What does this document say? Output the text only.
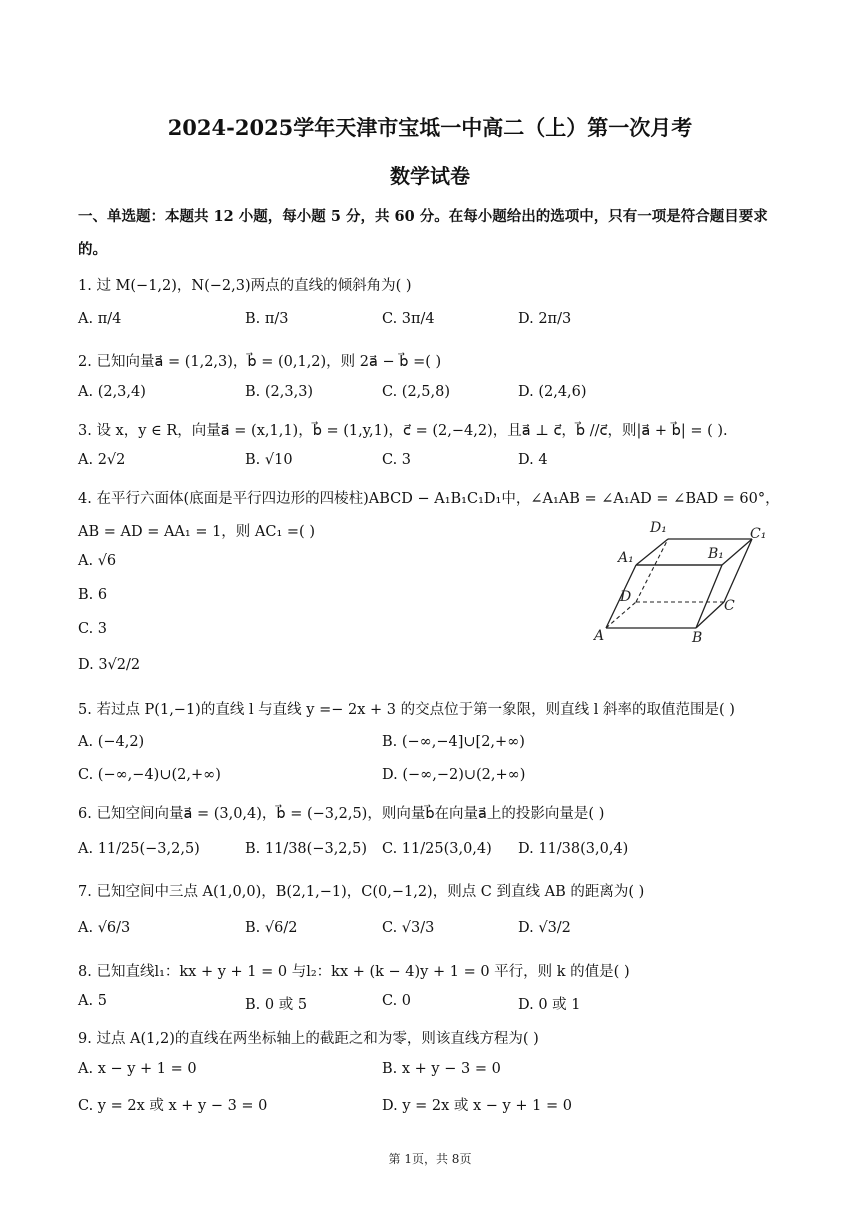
2024-2025学年天津市宝坻一中高二（上）第一次月考
数学试卷
一、单选题：本题共 12 小题，每小题 5 分，共 60 分。在每小题给出的选项中，只有一项是符合题目要求
的。
1. 过 M(−1,2)，N(−2,3)两点的直线的倾斜角为( )
A. π/4	B. π/3	C. 3π/4	D. 2π/3
2. 已知向量a⃗ = (1,2,3)，b⃗ = (0,1,2)，则 2a⃗ − b⃗ =( )
A. (2,3,4)	B. (2,3,3)	C. (2,5,8)	D. (2,4,6)
3. 设 x，y ∈ R，向量a⃗ = (x,1,1)，b⃗ = (1,y,1)，c⃗ = (2,−4,2)，且a⃗ ⊥ c⃗，b⃗ //c⃗，则|a⃗ + b⃗| = ( ).
A. 2√2	B. √10	C. 3	D. 4
4. 在平行六面体(底面是平行四边形的四棱柱)ABCD − A₁B₁C₁D₁中，∠A₁AB = ∠A₁AD = ∠BAD = 60°，
AB = AD = AA₁ = 1，则 AC₁ =( )
A. √6
B. 6
C. 3
D. 3√2/2
D₁	C₁
A₁	B₁
D
C
A	B
5. 若过点 P(1,−1)的直线 l 与直线 y =− 2x + 3 的交点位于第一象限，则直线 l 斜率的取值范围是( )
A. (−4,2)	B. (−∞,−4]∪[2,+∞)
C. (−∞,−4)∪(2,+∞)	D. (−∞,−2)∪(2,+∞)
6. 已知空间向量a⃗ = (3,0,4)，b⃗ = (−3,2,5)，则向量b⃗在向量a⃗上的投影向量是( )
A. 11/25(−3,2,5)	B. 11/38(−3,2,5) C. 11/25(3,0,4) D. 11/38(3,0,4)
7. 已知空间中三点 A(1,0,0)，B(2,1,−1)，C(0,−1,2)，则点 C 到直线 AB 的距离为( )
A. √6/3	B. √6/2	C. √3/3	D. √3/2
8. 已知直线l₁：kx + y + 1 = 0 与l₂：kx + (k − 4)y + 1 = 0 平行，则 k 的值是( )
A. 5	B. 0 或 5	C. 0	D. 0 或 1
9. 过点 A(1,2)的直线在两坐标轴上的截距之和为零，则该直线方程为( )
A. x − y + 1 = 0	B. x + y − 3 = 0
C. y = 2x 或 x + y − 3 = 0	D. y = 2x 或 x − y + 1 = 0
第 1页，共 8页
